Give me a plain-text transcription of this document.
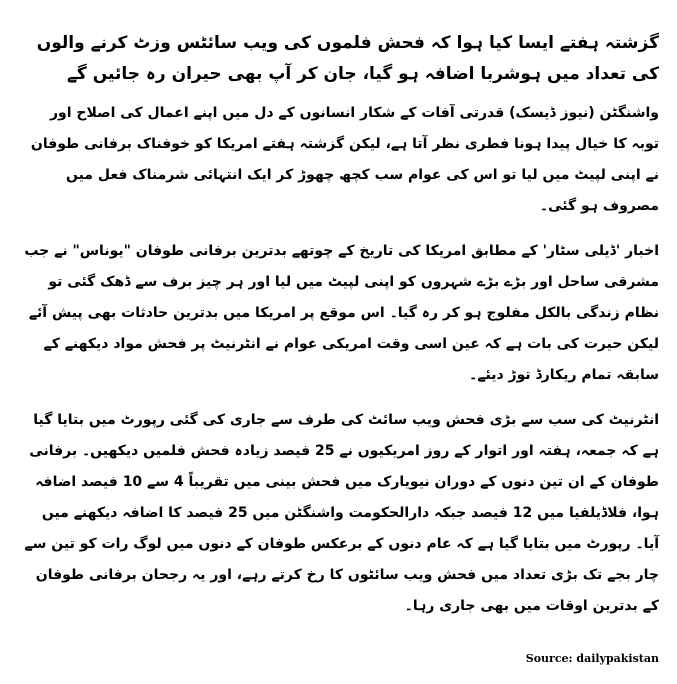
گزشتہ ہفتے ایسا کیا ہوا کہ فحش فلموں کی ویب سائٹس وزٹ کرنے والوں کی تعداد میں ہوشربا اضافہ ہو گیا، جان کر آپ بھی حیران رہ جائیں گے

واشنگٹن (نیوز ڈیسک) قدرتی آفات کے شکار انسانوں کے دل میں اپنے اعمال کی اصلاح اور توبہ کا خیال پیدا ہونا فطری نظر آتا ہے، لیکن گزشتہ ہفتے امریکا کو خوفناک برفانی طوفان نے اپنی لپیٹ میں لیا تو اس کی عوام سب کچھ چھوڑ کر ایک انتہائی شرمناک فعل میں مصروف ہو گئی۔

اخبار 'ڈیلی سٹار' کے مطابق امریکا کی تاریخ کے چوتھے بدترین برفانی طوفان "یوناس" نے جب مشرقی ساحل اور بڑے بڑے شہروں کو اپنی لپیٹ میں لیا اور ہر چیز برف سے ڈھک گئی تو نظام زندگی بالکل مفلوج ہو کر رہ گیا۔ اس موقع پر امریکا میں بدترین حادثات بھی پیش آئے لیکن حیرت کی بات ہے کہ عین اسی وقت امریکی عوام نے انٹرنیٹ پر فحش مواد دیکھنے کے سابقہ تمام ریکارڈ توڑ دیئے۔

انٹرنیٹ کی سب سے بڑی فحش ویب سائٹ کی طرف سے جاری کی گئی رپورٹ میں بتایا گیا ہے کہ جمعہ، ہفتہ اور اتوار کے روز امریکیوں نے 25 فیصد زیادہ فحش فلمیں دیکھیں۔ برفانی طوفان کے ان تین دنوں کے دوران نیویارک میں فحش بینی میں تقریباً 4 سے 10 فیصد اضافہ ہوا، فلاڈیلفیا میں 12 فیصد جبکہ دارالحکومت واشنگٹن میں 25 فیصد کا اضافہ دیکھنے میں آیا۔ رپورٹ میں بتایا گیا ہے کہ عام دنوں کے برعکس طوفان کے دنوں میں لوگ رات کو تین سے چار بجے تک بڑی تعداد میں فحش ویب سائٹوں کا رخ کرتے رہے، اور یہ رجحان برفانی طوفان کے بدترین اوقات میں بھی جاری رہا۔

Source: dailypakistan
